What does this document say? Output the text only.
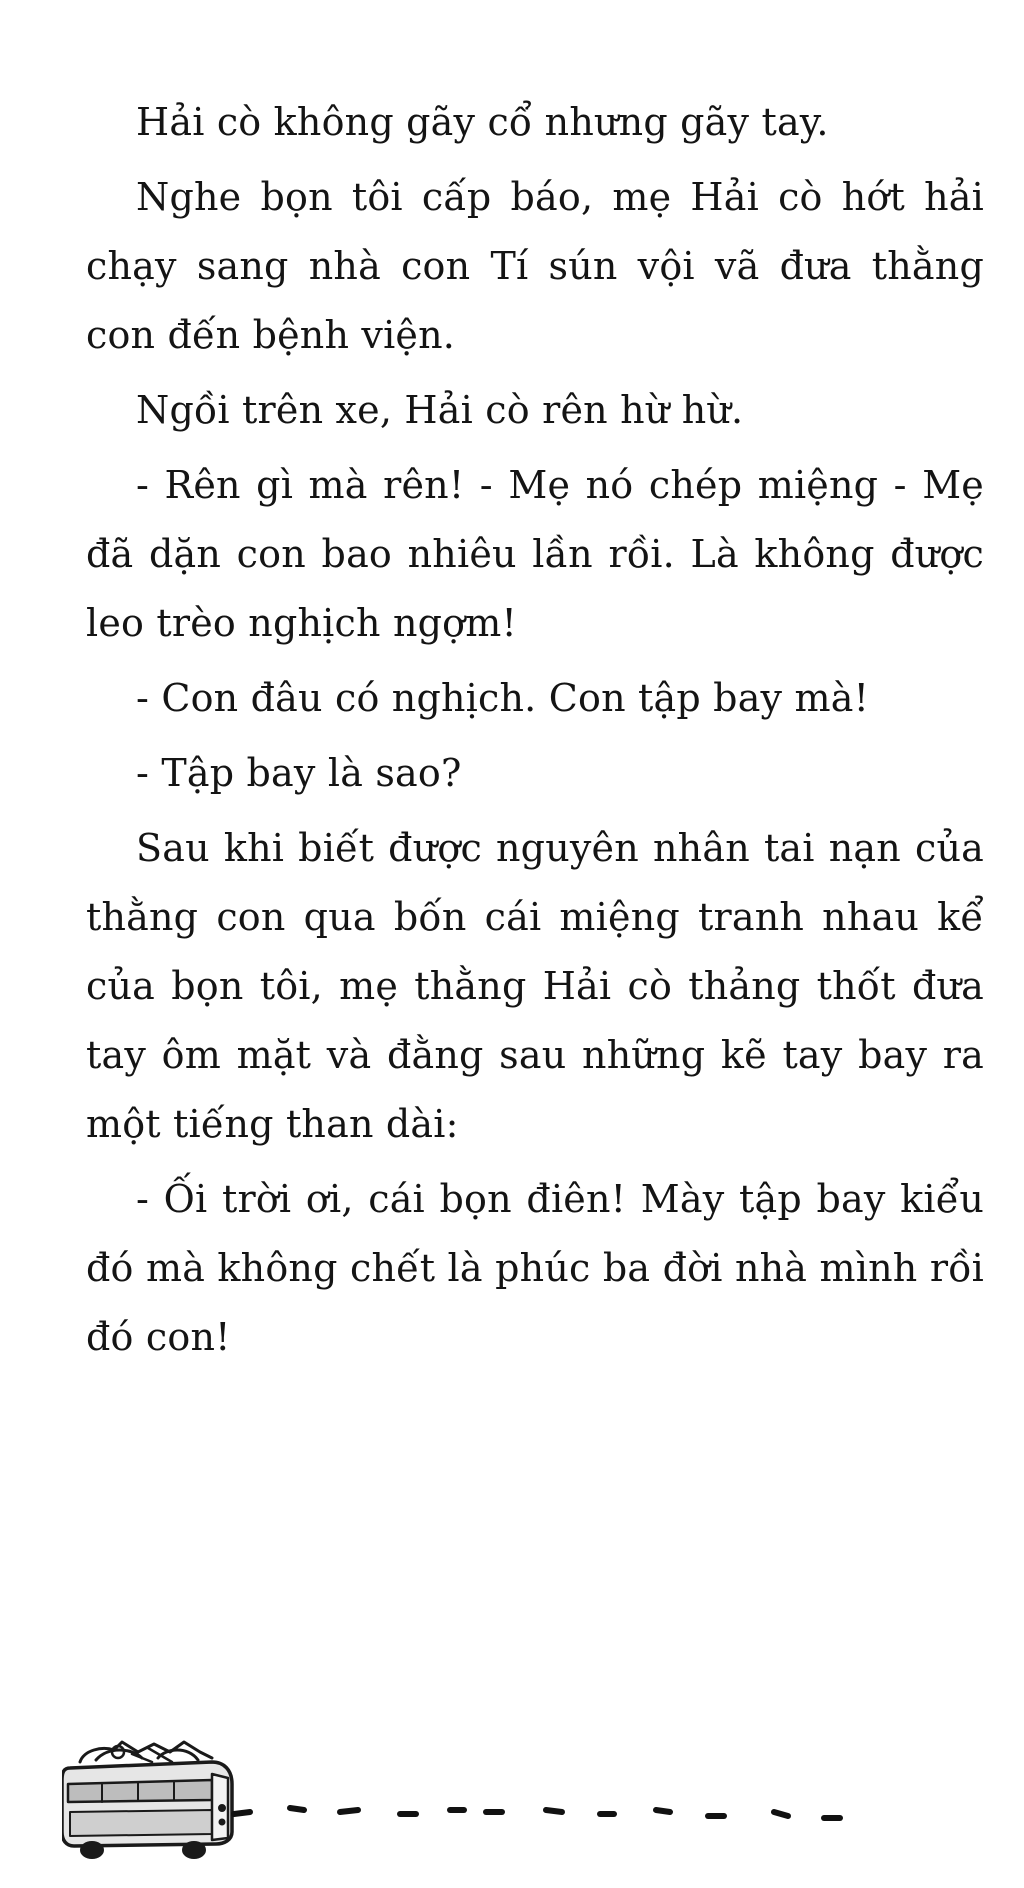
Hải cò không gãy cổ nhưng gãy tay.

Nghe bọn tôi cấp báo, mẹ Hải cò hớt hải chạy sang nhà con Tí sún vội vã đưa thằng con đến bệnh viện.

Ngồi trên xe, Hải cò rên hừ hừ.

- Rên gì mà rên! - Mẹ nó chép miệng - Mẹ đã dặn con bao nhiêu lần rồi. Là không được leo trèo nghịch ngợm!

- Con đâu có nghịch. Con tập bay mà!

- Tập bay là sao?

Sau khi biết được nguyên nhân tai nạn của thằng con qua bốn cái miệng tranh nhau kể của bọn tôi, mẹ thằng Hải cò thảng thốt đưa tay ôm mặt và đằng sau những kẽ tay bay ra một tiếng than dài:

- Ối trời ơi, cái bọn điên! Mày tập bay kiểu đó mà không chết là phúc ba đời nhà mình rồi đó con!
